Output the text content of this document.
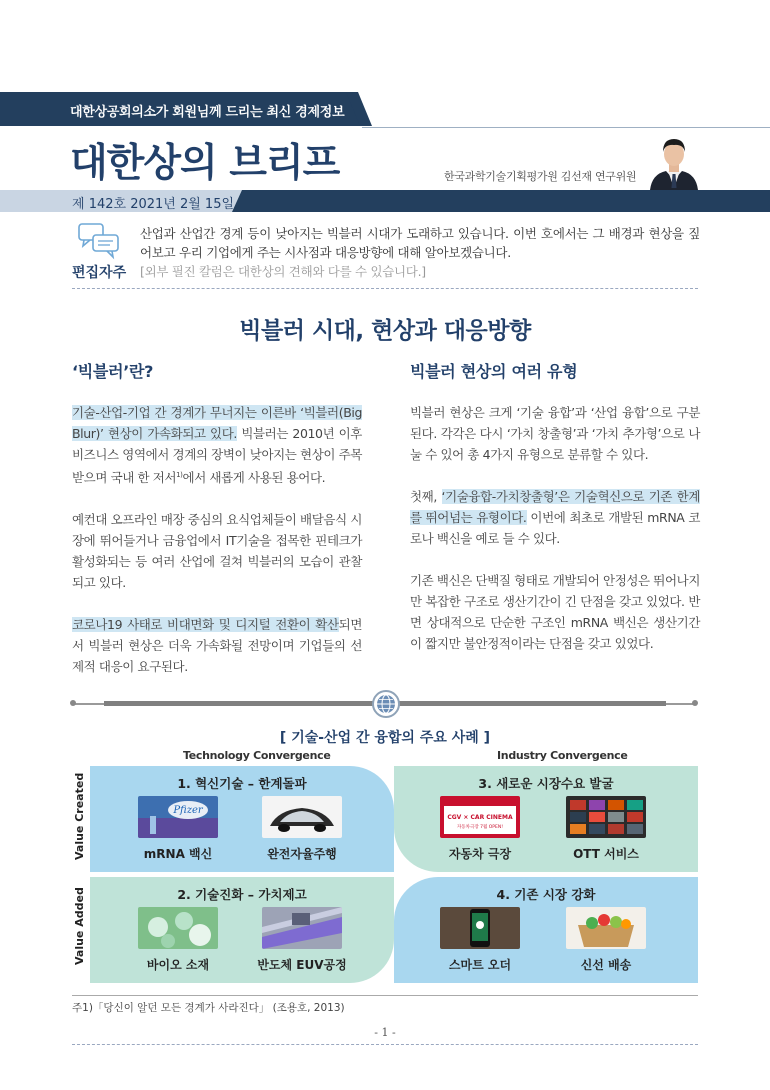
대한상공회의소가 회원님께 드리는 최신 경제정보
대한상의 브리프	한국과학기술기획평가원 김선재 연구위원
제 142호 2021년 2월 15일
편집자주
산업과 산업간 경계 등이 낮아지는 빅블러 시대가 도래하고 있습니다. 이번 호에서는 그 배경과 현상을 짚어보고 우리 기업에게 주는 시사점과 대응방향에 대해 알아보겠습니다.
[외부 필진 칼럼은 대한상의 견해와 다를 수 있습니다.]
빅블러 시대, 현상과 대응방향
‘빅블러’란?

기술-산업-기업 간 경계가 무너지는 이른바 ‘빅블러(Big Blur)’ 현상이 가속화되고 있다. 빅블러는 2010년 이후 비즈니스 영역에서 경계의 장벽이 낮아지는 현상이 주목받으며 국내 한 저서$^{1)}$에서 새롭게 사용된 용어다.

예컨대 오프라인 매장 중심의 요식업체들이 배달음식 시장에 뛰어들거나 금융업에서 IT기술을 접목한 핀테크가 활성화되는 등 여러 산업에 걸쳐 빅블러의 모습이 관찰되고 있다.

코로나19 사태로 비대면화 및 디지털 전환이 확산되면서 빅블러 현상은 더욱 가속화될 전망이며 기업들의 선제적 대응이 요구된다.

빅블러 현상의 여러 유형

빅블러 현상은 크게 ‘기술 융합’과 ‘산업 융합’으로 구분된다. 각각은 다시 ‘가치 창출형’과 ‘가치 추가형’으로 나눌 수 있어 총 4가지 유형으로 분류할 수 있다.

첫째, ‘기술융합-가치창출형’은 기술혁신으로 기존 한계를 뛰어넘는 유형이다. 이번에 최초로 개발된 mRNA 코로나 백신을 예로 들 수 있다.

기존 백신은 단백질 형태로 개발되어 안정성은 뛰어나지만 복잡한 구조로 생산기간이 긴 단점을 갖고 있었다. 반면 상대적으로 단순한 구조인 mRNA 백신은 생산기간이 짧지만 불안정적이라는 단점을 갖고 있었다.

[ 기술-산업 간 융합의 주요 사례 ]
Technology Convergence	Industry Convergence
Value Created
Value Added
1. 혁신기술 – 한계돌파
Pfizer
mRNA 백신	완전자율주행
3. 새로운 시장수요 발굴
CGV × CAR CINEMA
자동차극장 7월 OPEN!
자동차 극장	OTT 서비스
2. 기술진화 – 가치제고
바이오 소재	반도체 EUV공정
4. 기존 시장 강화
스마트 오더	신선 배송
주1)「당신이 알던 모든 경계가 사라진다」 (조용호, 2013)
- 1 -
